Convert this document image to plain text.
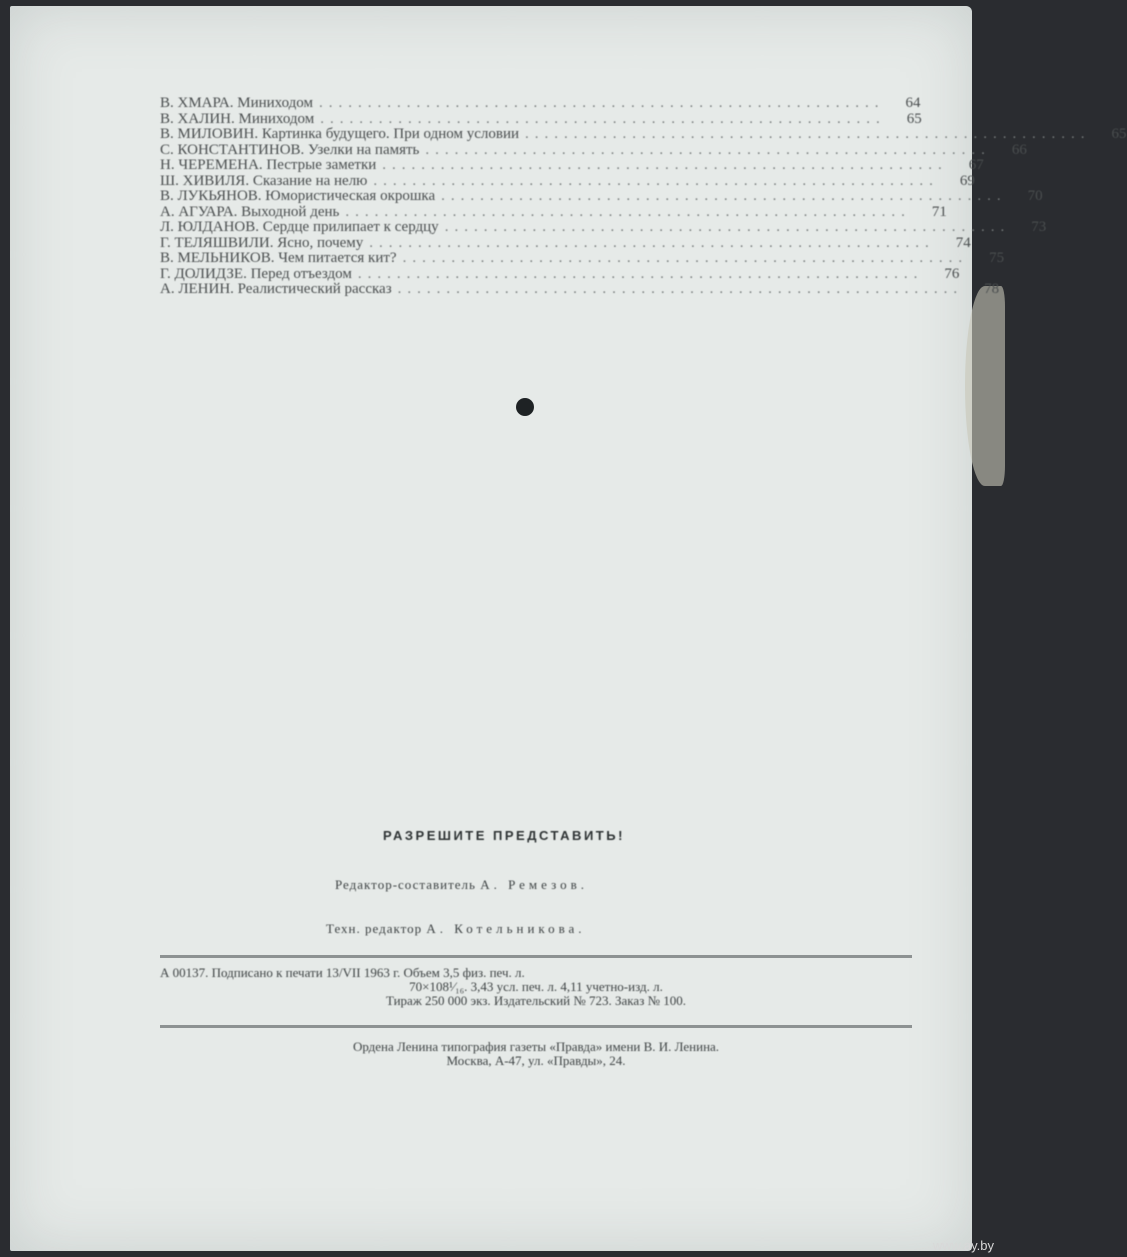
В. ХМАРА. Миниходом ..........................................................	64
В. ХАЛИН. Миниходом ..........................................................	65
В. МИЛОВИН. Картинка будущего. При одном условии ..........................................................	65
С. КОНСТАНТИНОВ. Узелки на память ..........................................................	66
Н. ЧЕРЕМЕНА. Пестрые заметки ..........................................................	67
Ш. ХИВИЛЯ. Сказание на нелю ..........................................................	69
В. ЛУКЬЯНОВ. Юмористическая окрошка ..........................................................	70
А. АГУАРА. Выходной день ..........................................................	71
Л. ЮЛДАНОВ. Сердце прилипает к сердцу ..........................................................	73
Г. ТЕЛЯШВИЛИ. Ясно, почему ..........................................................	74
В. МЕЛЬНИКОВ. Чем питается кит? ..........................................................	75
Г. ДОЛИДЗЕ. Перед отъездом ..........................................................	76
А. ЛЕНИН. Реалистический рассказ ..........................................................	78
РАЗРЕШИТЕ ПРЕДСТАВИТЬ!
Редактор-составитель А. Ремезов.
Техн. редактор А. Котельникова.

А 00137. Подписано к печати 13/VII 1963 г. Объем 3,5 физ. печ. л.

70×108¹⁄₁₆. 3,43 усл. печ. л. 4,11 учетно-изд. л.

Тираж 250 000 экз. Издательский № 723. Заказ № 100.

Ордена Ленина типография газеты «Правда» имени В. И. Ленина.

Москва, А-47, ул. «Правды», 24.

www.ay.by
